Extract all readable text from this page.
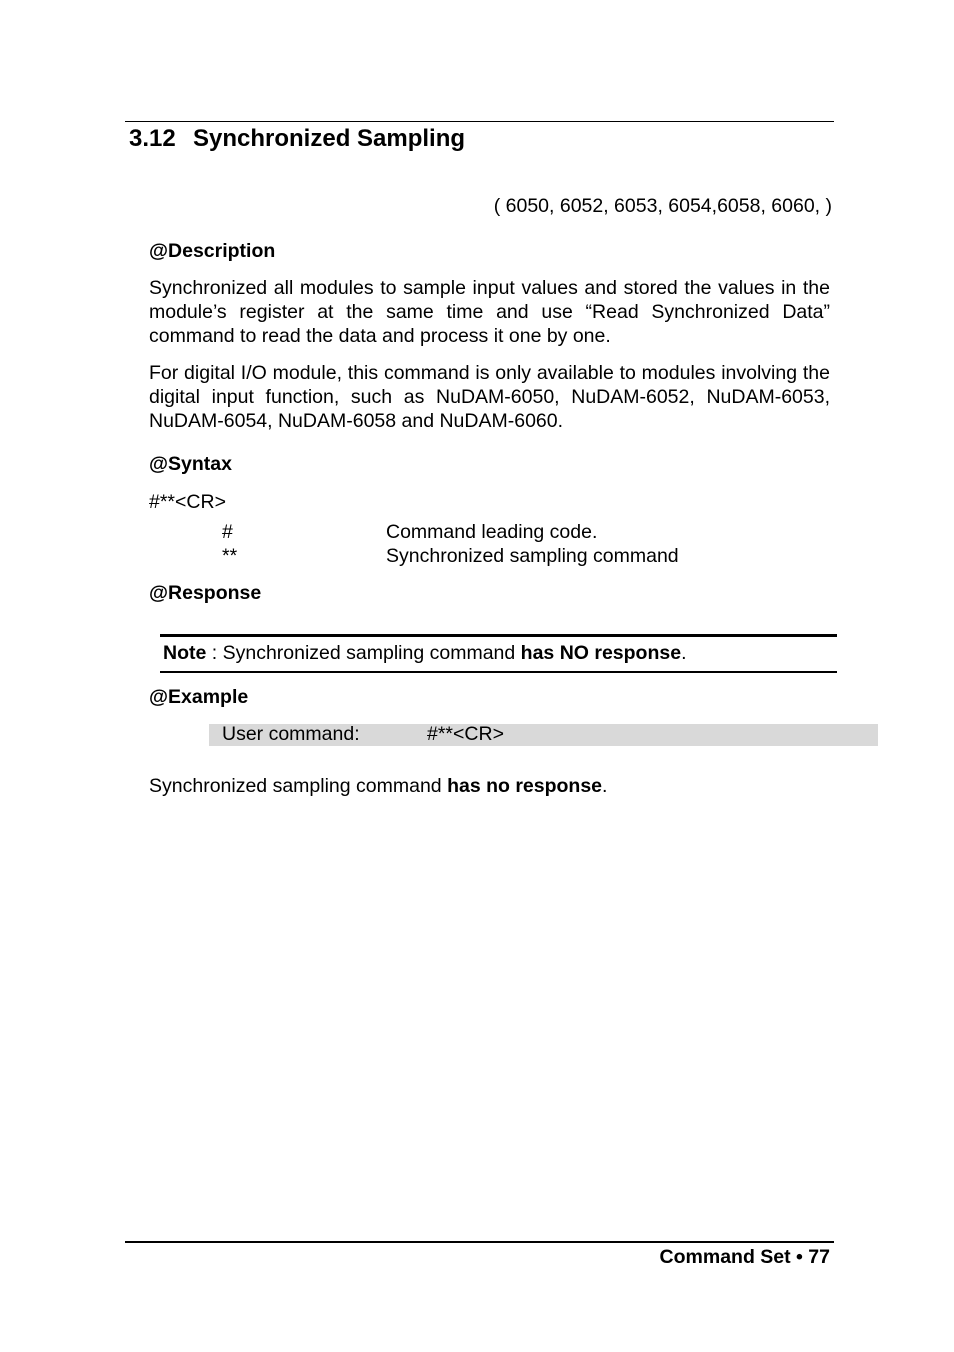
3.12 Synchronized Sampling
( 6050, 6052, 6053, 6054,6058, 6060, )
@Description
Synchronized all modules to sample input values and stored the values in the module’s register at the same time and use “Read Synchronized Data” command to read the data and process it one by one.
For digital I/O module, this command is only available to modules involving the digital input function, such as NuDAM-6050, NuDAM-6052, NuDAM-6053, NuDAM-6054, NuDAM-6058 and NuDAM-6060.
@Syntax
#**<CR>
#	Command leading code.
**	Synchronized sampling command
@Response
Note : Synchronized sampling command has NO response.
@Example
User command:	#**<CR>
Synchronized sampling command has no response.
Command Set • 77
